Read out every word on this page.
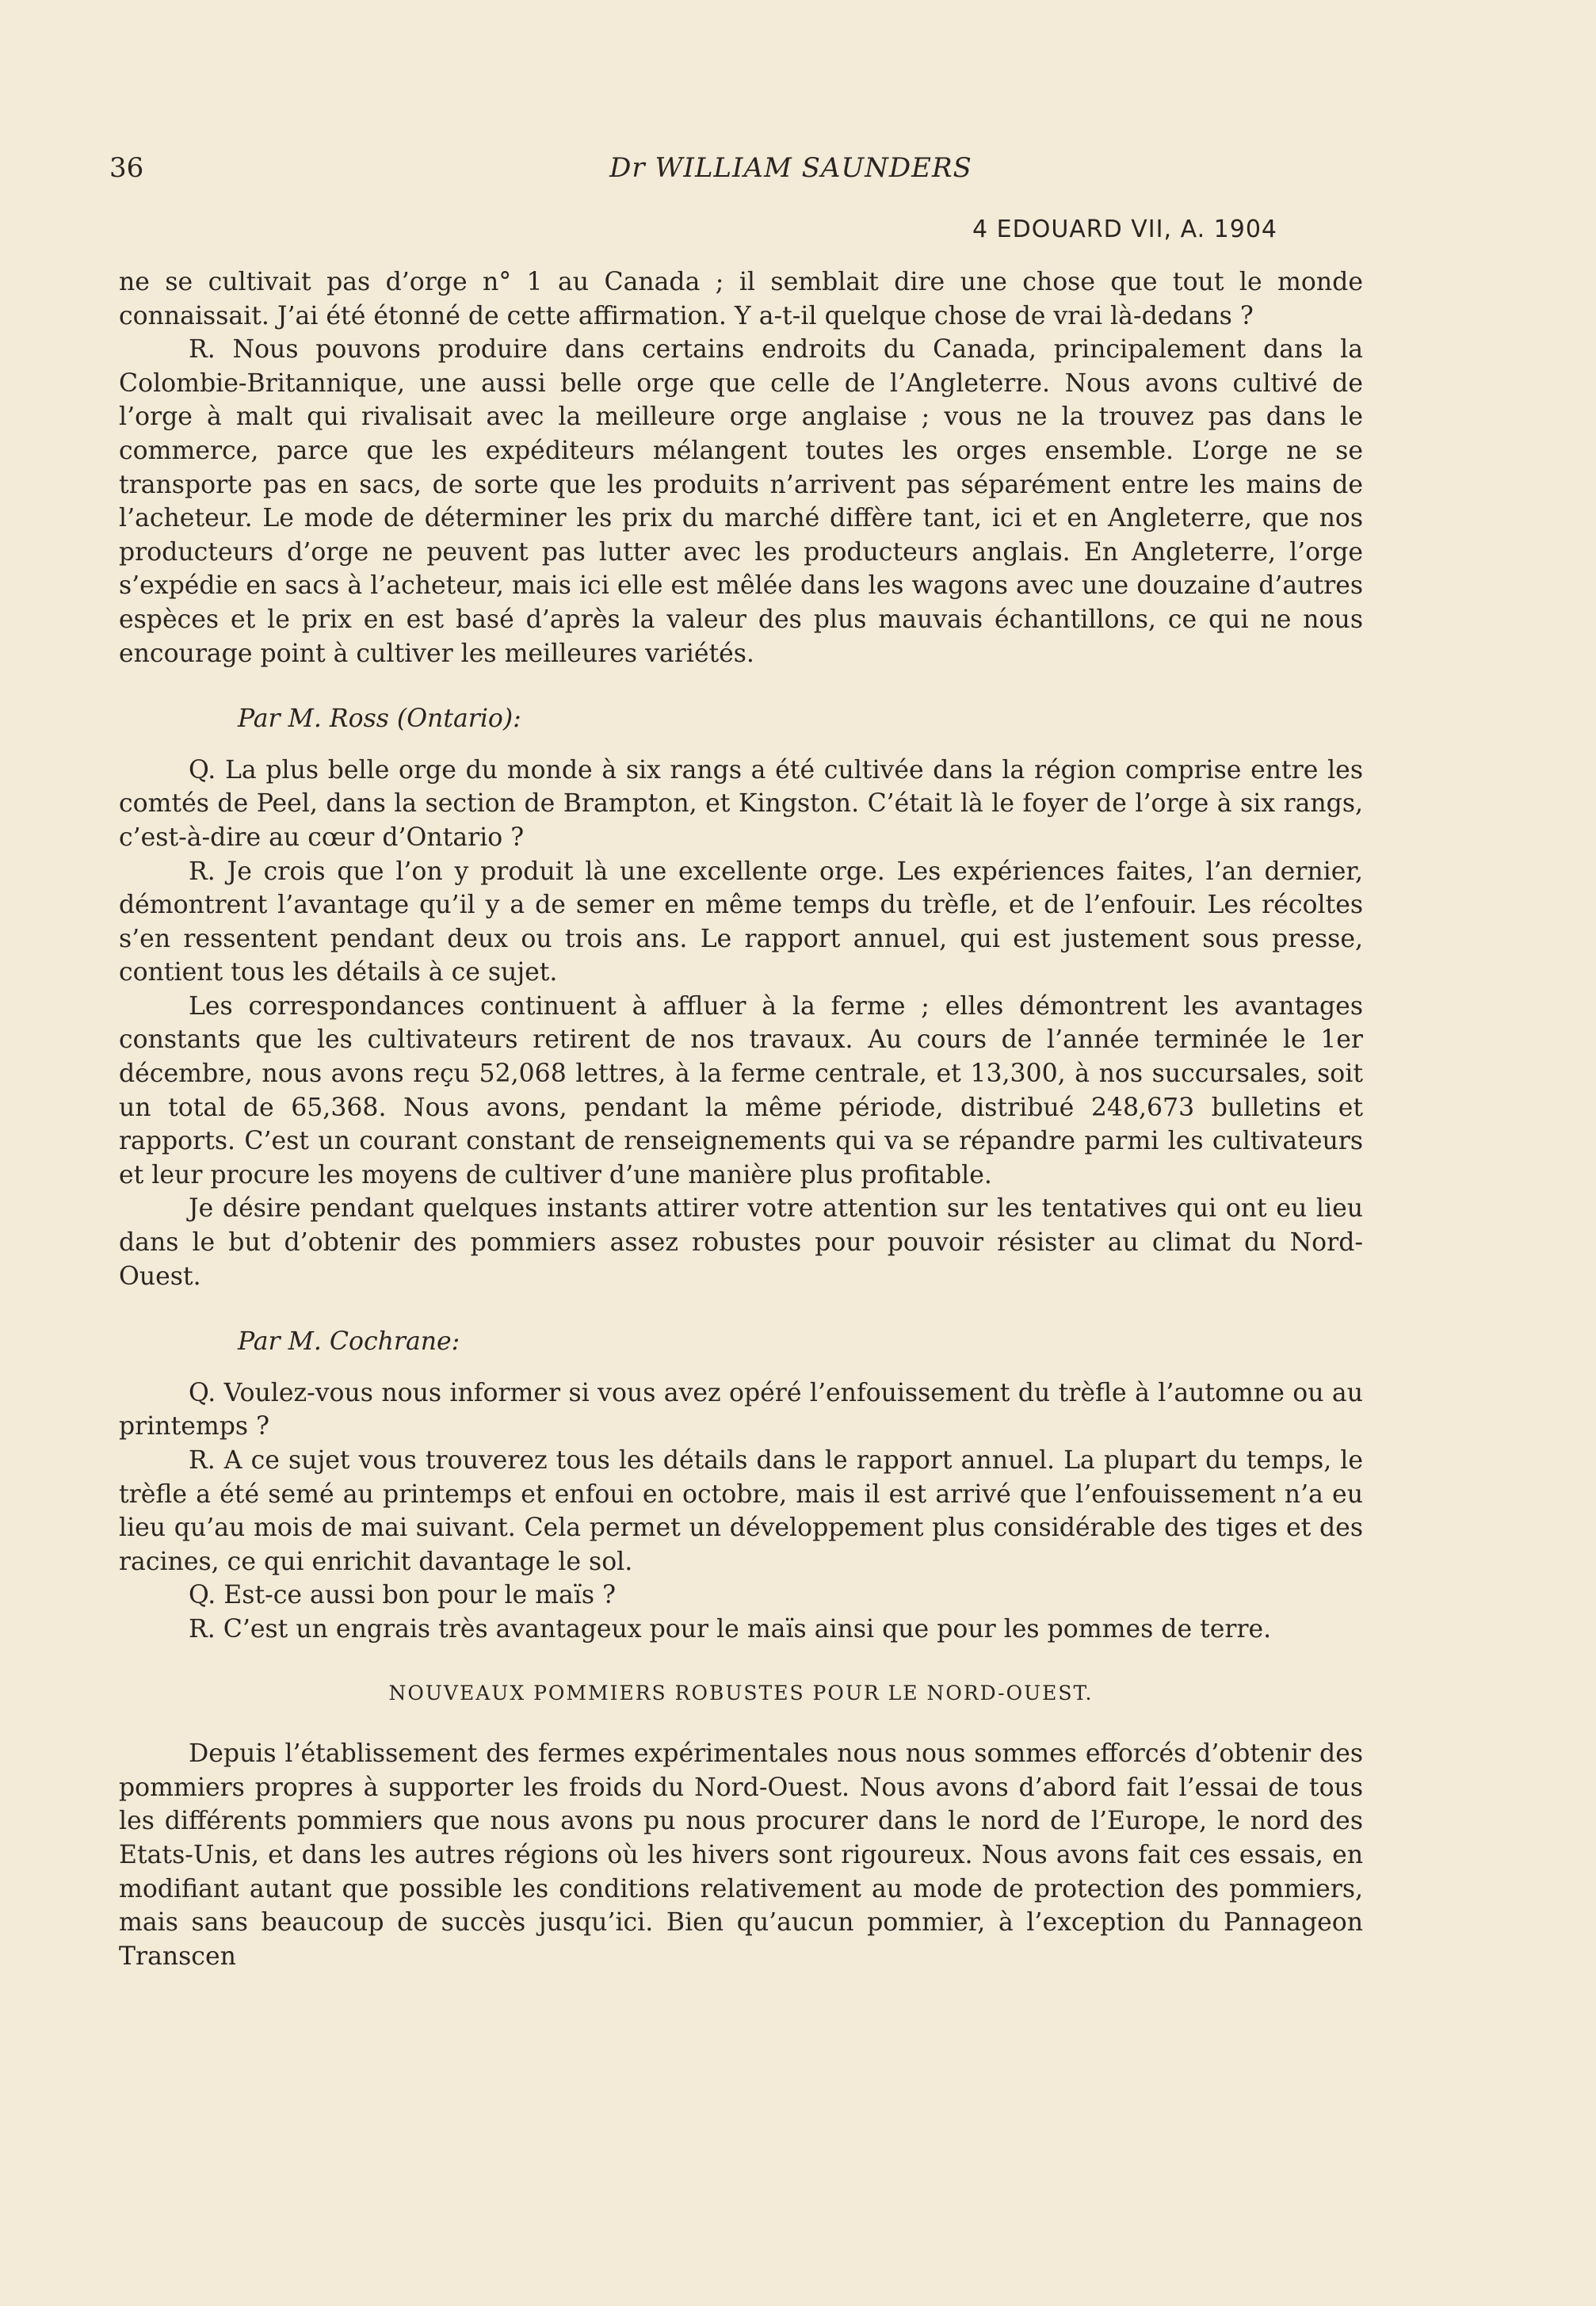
36	Dr WILLIAM SAUNDERS
4 EDOUARD VII, A. 1904

ne se cultivait pas d’orge n° 1 au Canada ; il semblait dire une chose que tout le monde connaissait. J’ai été étonné de cette affirmation. Y a-t-il quelque chose de vrai là-dedans ?

R. Nous pouvons produire dans certains endroits du Canada, principalement dans la Colombie-Britannique, une aussi belle orge que celle de l’Angleterre. Nous avons cultivé de l’orge à malt qui rivalisait avec la meilleure orge anglaise ; vous ne la trouvez pas dans le commerce, parce que les expéditeurs mélangent toutes les orges ensemble. L’orge ne se transporte pas en sacs, de sorte que les produits n’arrivent pas séparément entre les mains de l’acheteur. Le mode de déterminer les prix du marché diffère tant, ici et en Angleterre, que nos producteurs d’orge ne peuvent pas lutter avec les producteurs anglais. En Angleterre, l’orge s’expédie en sacs à l’acheteur, mais ici elle est mêlée dans les wagons avec une douzaine d’autres espèces et le prix en est basé d’après la valeur des plus mauvais échantillons, ce qui ne nous encourage point à cultiver les meilleures variétés.

Par M. Ross (Ontario):

Q. La plus belle orge du monde à six rangs a été cultivée dans la région comprise entre les comtés de Peel, dans la section de Brampton, et Kingston. C’était là le foyer de l’orge à six rangs, c’est-à-dire au cœur d’Ontario ?

R. Je crois que l’on y produit là une excellente orge. Les expériences faites, l’an dernier, démontrent l’avantage qu’il y a de semer en même temps du trèfle, et de l’enfouir. Les récoltes s’en ressentent pendant deux ou trois ans. Le rapport annuel, qui est justement sous presse, contient tous les détails à ce sujet.

Les correspondances continuent à affluer à la ferme ; elles démontrent les avantages constants que les cultivateurs retirent de nos travaux. Au cours de l’année terminée le 1er décembre, nous avons reçu 52,068 lettres, à la ferme centrale, et 13,300, à nos succursales, soit un total de 65,368. Nous avons, pendant la même période, distribué 248,673 bulletins et rapports. C’est un courant constant de renseignements qui va se répandre parmi les cultivateurs et leur procure les moyens de cultiver d’une manière plus profitable.

Je désire pendant quelques instants attirer votre attention sur les tentatives qui ont eu lieu dans le but d’obtenir des pommiers assez robustes pour pouvoir résister au climat du Nord-Ouest.

Par M. Cochrane:

Q. Voulez-vous nous informer si vous avez opéré l’enfouissement du trèfle à l’automne ou au printemps ?

R. A ce sujet vous trouverez tous les détails dans le rapport annuel. La plupart du temps, le trèfle a été semé au printemps et enfoui en octobre, mais il est arrivé que l’enfouissement n’a eu lieu qu’au mois de mai suivant. Cela permet un développement plus considérable des tiges et des racines, ce qui enrichit davantage le sol.

Q. Est-ce aussi bon pour le maïs ?

R. C’est un engrais très avantageux pour le maïs ainsi que pour les pommes de terre.

NOUVEAUX POMMIERS ROBUSTES POUR LE NORD-OUEST.

Depuis l’établissement des fermes expérimentales nous nous sommes efforcés d’obtenir des pommiers propres à supporter les froids du Nord-Ouest. Nous avons d’abord fait l’essai de tous les différents pommiers que nous avons pu nous procurer dans le nord de l’Europe, le nord des Etats-Unis, et dans les autres régions où les hivers sont rigoureux. Nous avons fait ces essais, en modifiant autant que possible les conditions relativement au mode de protection des pommiers, mais sans beaucoup de succès jusqu’ici. Bien qu’aucun pommier, à l’exception du Pannageon Transcen
